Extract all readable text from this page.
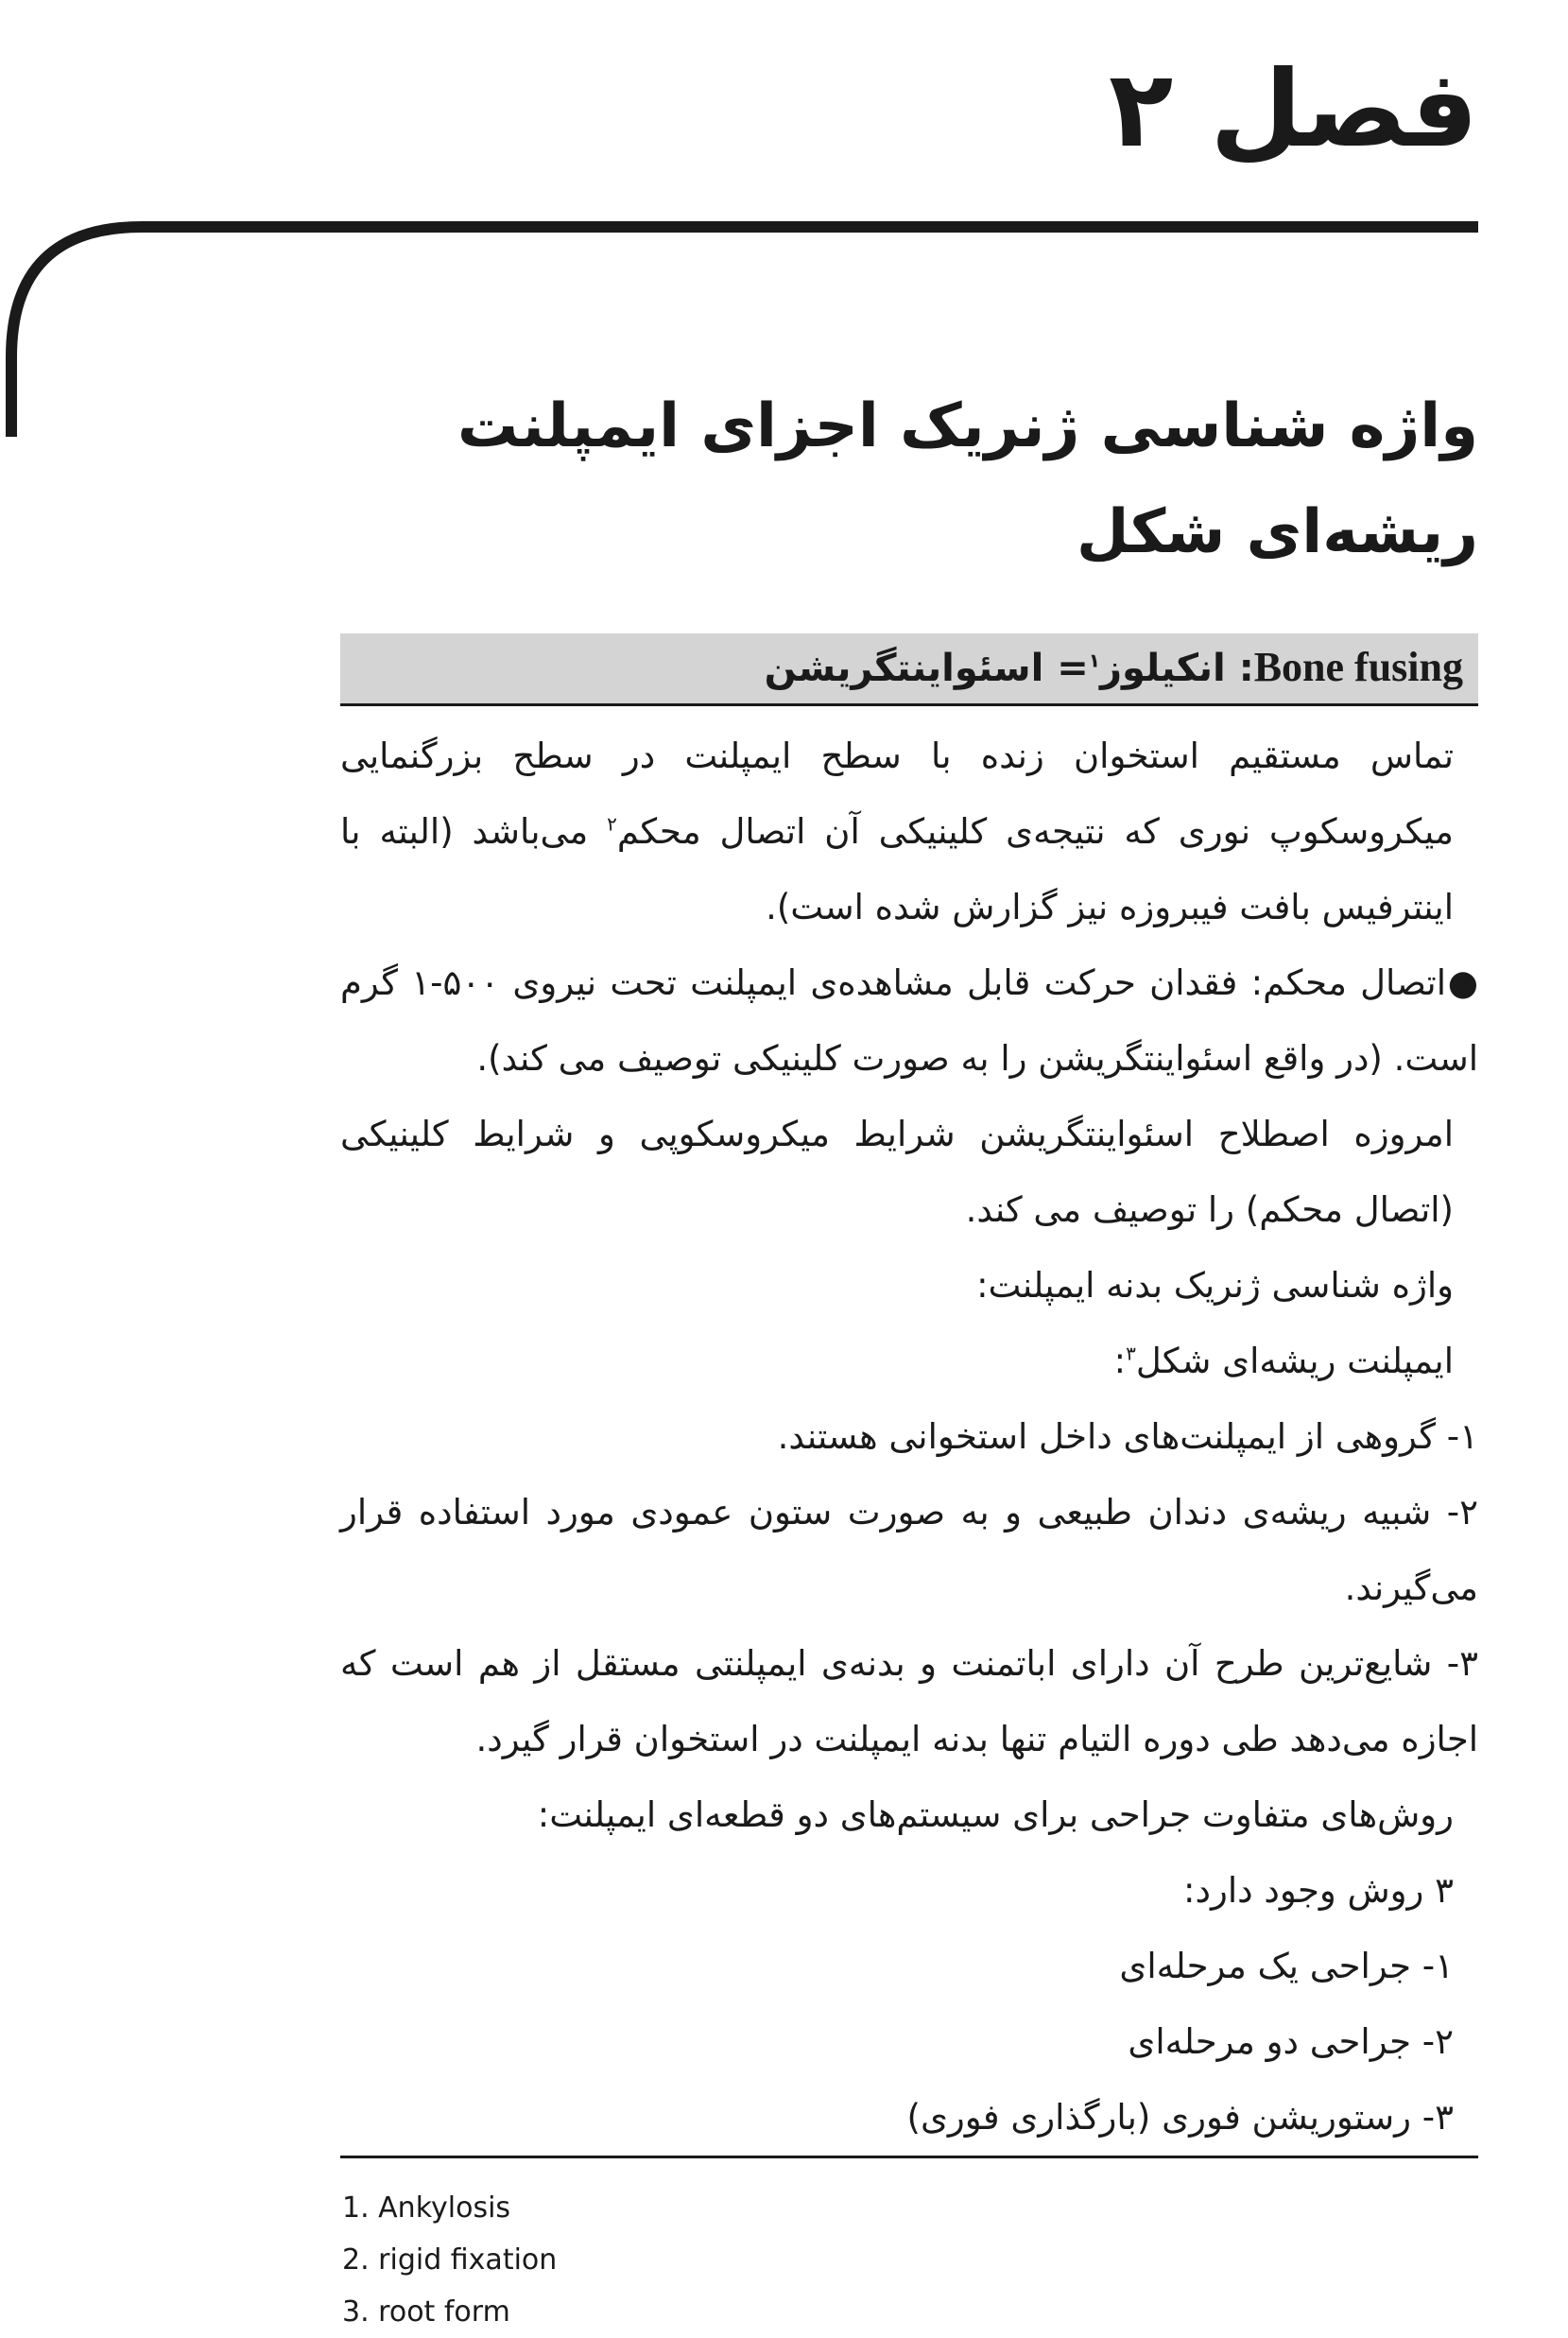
فصل ۲
واژه شناسی ژنریک اجزای ایمپلنت
ریشه‌ای شکل
Bone fusing: انکیلوز$^۱$= اسئواینتگریشن

تماس مستقیم استخوان زنده با سطح ایمپلنت در سطح بزرگنمایی میکروسکوپ نوری که نتیجه‌ی کلینیکی آن اتصال محکم$^۲$ می‌باشد (البته با اینترفیس بافت فیبروزه نیز گزارش شده است).

●اتصال محکم: فقدان حرکت قابل مشاهده‌ی ایمپلنت تحت نیروی ۵۰۰-۱ گرم است. (در واقع اسئواینتگریشن را به صورت کلینیکی توصیف می کند).

امروزه اصطلاح اسئواینتگریشن شرایط میکروسکوپی و شرایط کلینیکی (اتصال محکم) را توصیف می کند.

واژه شناسی ژنریک بدنه ایمپلنت:

ایمپلنت ریشه‌ای شکل$^۳$:

۱- گروهی از ایمپلنت‌های داخل استخوانی هستند.

۲- شبیه ریشه‌ی دندان طبیعی و به صورت ستون عمودی مورد استفاده قرار می‌گیرند.

۳- شایع‌ترین طرح آن دارای اباتمنت و بدنه‌ی ایمپلنتی مستقل از هم است که اجازه می‌دهد طی دوره التیام تنها بدنه ایمپلنت در استخوان قرار گیرد.

روش‌های متفاوت جراحی برای سیستم‌های دو قطعه‌ای ایمپلنت:

۳ روش وجود دارد:

۱- جراحی یک مرحله‌ای

۲- جراحی دو مرحله‌ای

۳- رستوریشن فوری (بارگذاری فوری)

1. Ankylosis

2. rigid fixation

3. root form
